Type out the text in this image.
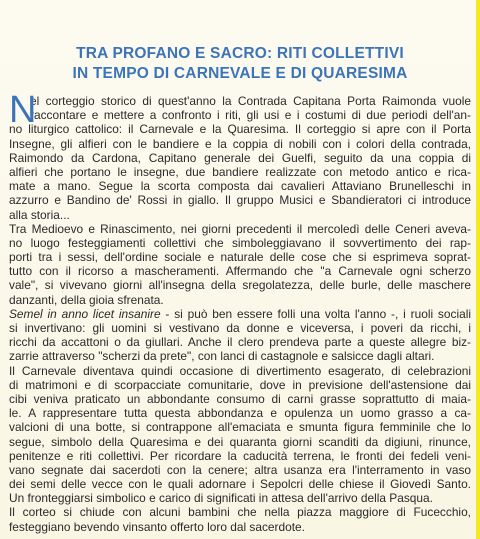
TRA PROFANO E SACRO: RITI COLLETTIVI
IN TEMPO DI CARNEVALE E DI QUARESIMA
N
el corteggio storico di quest'anno la Contrada Capitana Porta Raimonda vuole
raccontare e mettere a confronto i riti, gli usi e i costumi di due periodi dell'an-
no liturgico cattolico: il Carnevale e la Quaresima. Il corteggio si apre con il Porta
Insegne, gli alfieri con le bandiere e la coppia di nobili con i colori della contrada,
Raimondo da Cardona, Capitano generale dei Guelfi, seguito da una coppia di
alfieri che portano le insegne, due bandiere realizzate con metodo antico e rica-
mate a mano. Segue la scorta composta dai cavalieri Attaviano Brunelleschi in
azzurro e Bandino de' Rossi in giallo. Il gruppo Musici e Sbandieratori ci introduce
alla storia...
Tra Medioevo e Rinascimento, nei giorni precedenti il mercoledì delle Ceneri aveva-
no luogo festeggiamenti collettivi che simboleggiavano il sovvertimento dei rap-
porti tra i sessi, dell'ordine sociale e naturale delle cose che si esprimeva soprat-
tutto con il ricorso a mascheramenti. Affermando che "a Carnevale ogni scherzo
vale", si vivevano giorni all'insegna della sregolatezza, delle burle, delle maschere
danzanti, della gioia sfrenata.
Semel in anno licet insanire - si può ben essere folli una volta l'anno -, i ruoli sociali
si invertivano: gli uomini si vestivano da donne e viceversa, i poveri da ricchi, i
ricchi da accattoni o da giullari. Anche il clero prendeva parte a queste allegre biz-
zarrie attraverso "scherzi da prete", con lanci di castagnole e salsicce dagli altari.
Il Carnevale diventava quindi occasione di divertimento esagerato, di celebrazioni
di matrimoni e di scorpacciate comunitarie, dove in previsione dell'astensione dai
cibi veniva praticato un abbondante consumo di carni grasse soprattutto di maia-
le. A rappresentare tutta questa abbondanza e opulenza un uomo grasso a ca-
valcioni di una botte, si contrappone all'emaciata e smunta figura femminile che lo
segue, simbolo della Quaresima e dei quaranta giorni scanditi da digiuni, rinunce,
penitenze e riti collettivi. Per ricordare la caducità terrena, le fronti dei fedeli veni-
vano segnate dai sacerdoti con la cenere; altra usanza era l'interramento in vaso
dei semi delle vecce con le quali adornare i Sepolcri delle chiese il Giovedì Santo.
Un fronteggiarsi simbolico e carico di significati in attesa dell'arrivo della Pasqua.
Il corteo si chiude con alcuni bambini che nella piazza maggiore di Fucecchio,
festeggiano bevendo vinsanto offerto loro dal sacerdote.
